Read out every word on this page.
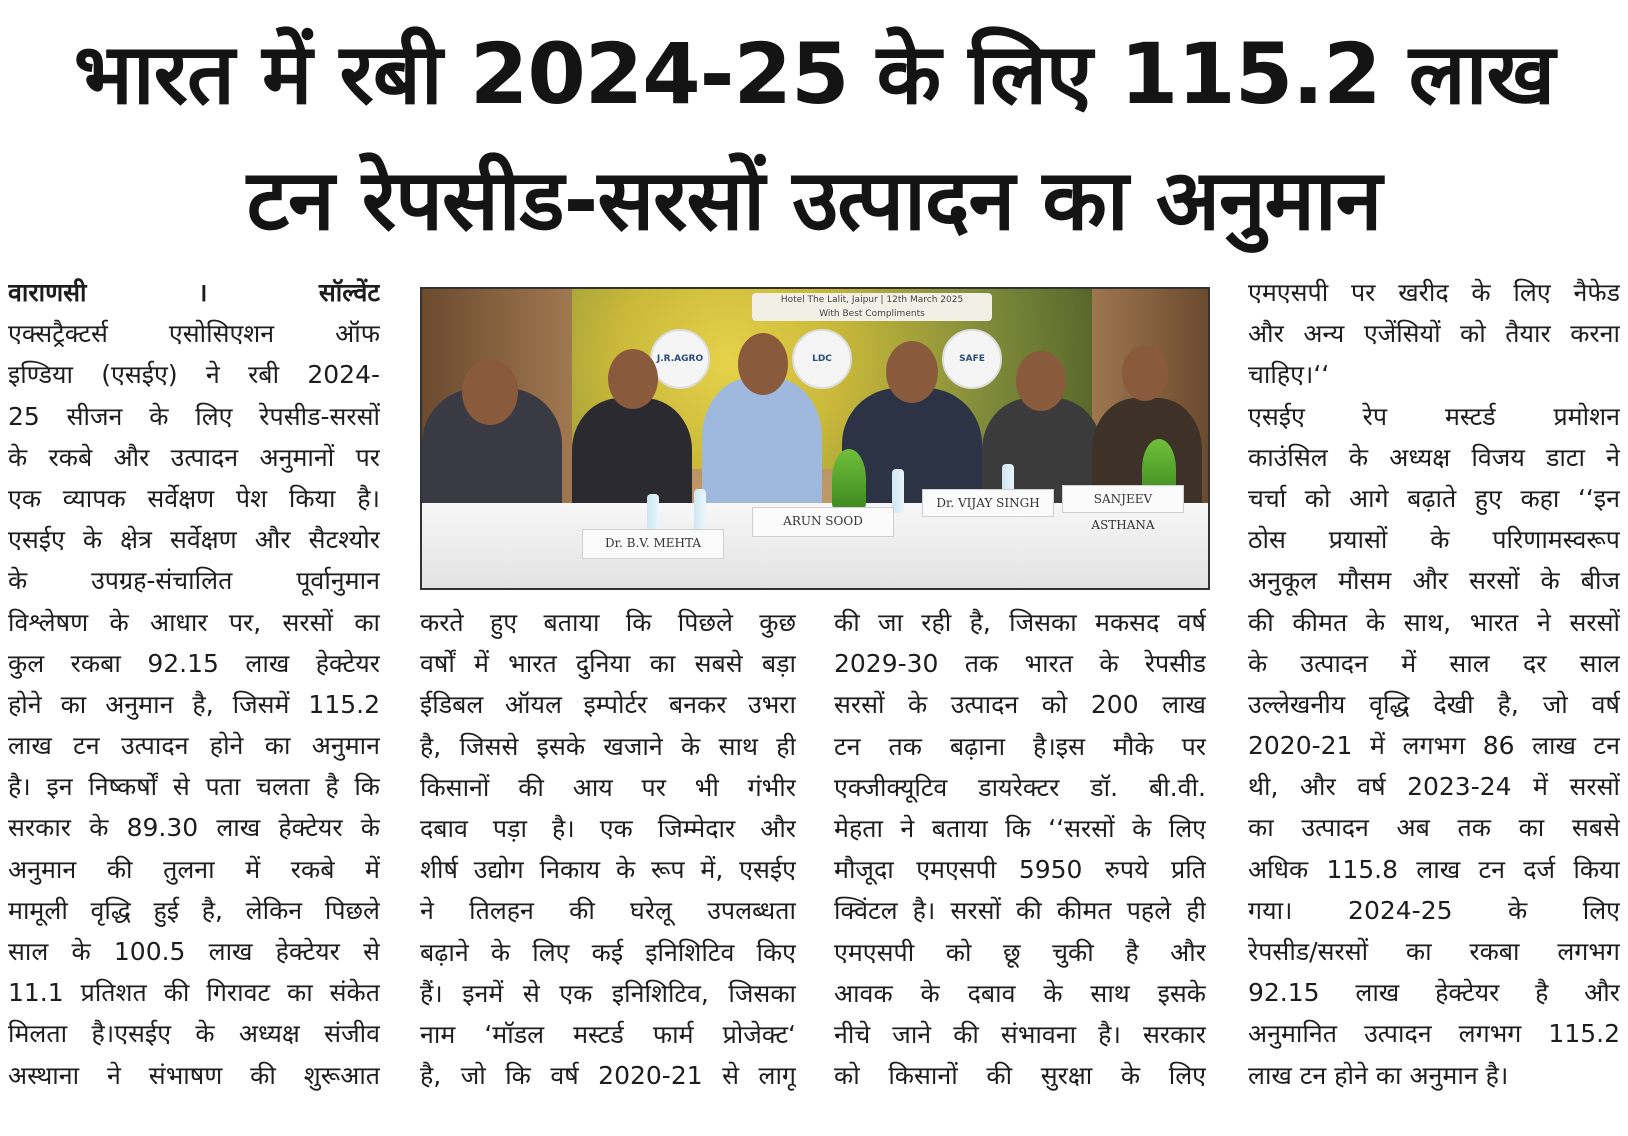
भारत में रबी 2024-25 के लिए 115.2 लाख
टन रेपसीड-सरसों उत्पादन का अनुमान
वाराणसी । सॉल्वेंट
एक्सट्रैक्टर्स एसोसिएशन ऑफ
इण्डिया (एसईए) ने रबी 2024-
25 सीजन के लिए रेपसीड-सरसों
के रकबे और उत्पादन अनुमानों पर
एक व्यापक सर्वेक्षण पेश किया है।
एसईए के क्षेत्र सर्वेक्षण और सैटश्योर
के उपग्रह-संचालित पूर्वानुमान
विश्लेषण के आधार पर, सरसों का
कुल रकबा 92.15 लाख हेक्टेयर
होने का अनुमान है, जिसमें 115.2
लाख टन उत्पादन होने का अनुमान
है। इन निष्कर्षों से पता चलता है कि
सरकार के 89.30 लाख हेक्टेयर के
अनुमान की तुलना में रकबे में
मामूली वृद्धि हुई है, लेकिन पिछले
साल के 100.5 लाख हेक्टेयर से
11.1 प्रतिशत की गिरावट का संकेत
मिलता है।एसईए के अध्यक्ष संजीव
अस्थाना ने संभाषण की शुरूआत
Hotel The Lalit, Jaipur | 12th March 2025
With Best Compliments
J.R.AGRO	LDC	SAFE
Dr. B.V. MEHTA
ARUN SOOD
Dr. VIJAY SINGH	SANJEEV ASTHANA
करते हुए बताया कि पिछले कुछ
वर्षों में भारत दुनिया का सबसे बड़ा
ईडिबल ऑयल इम्पोर्टर बनकर उभरा
है, जिससे इसके खजाने के साथ ही
किसानों की आय पर भी गंभीर
दबाव पड़ा है। एक जिम्मेदार और
शीर्ष उद्योग निकाय के रूप में, एसईए
ने तिलहन की घरेलू उपलब्धता
बढ़ाने के लिए कई इनिशिटिव किए
हैं। इनमें से एक इनिशिटिव, जिसका
नाम ‘मॉडल मस्टर्ड फार्म प्रोजेक्ट‘
है, जो कि वर्ष 2020-21 से लागू
की जा रही है, जिसका मकसद वर्ष
2029-30 तक भारत के रेपसीड
सरसों के उत्पादन को 200 लाख
टन तक बढ़ाना है।इस मौके पर
एक्जीक्यूटिव डायरेक्टर डॉ. बी.वी.
मेहता ने बताया कि ‘‘सरसों के लिए
मौजूदा एमएसपी 5950 रुपये प्रति
क्विंटल है। सरसों की कीमत पहले ही
एमएसपी को छू चुकी है और
आवक के दबाव के साथ इसके
नीचे जाने की संभावना है। सरकार
को किसानों की सुरक्षा के लिए
एमएसपी पर खरीद के लिए नैफेड
और अन्य एजेंसियों को तैयार करना
चाहिए।‘‘
एसईए रेप मस्टर्ड प्रमोशन
काउंसिल के अध्यक्ष विजय डाटा ने
चर्चा को आगे बढ़ाते हुए कहा ‘‘इन
ठोस प्रयासों के परिणामस्वरूप
अनुकूल मौसम और सरसों के बीज
की कीमत के साथ, भारत ने सरसों
के उत्पादन में साल दर साल
उल्लेखनीय वृद्धि देखी है, जो वर्ष
2020-21 में लगभग 86 लाख टन
थी, और वर्ष 2023-24 में सरसों
का उत्पादन अब तक का सबसे
अधिक 115.8 लाख टन दर्ज किया
गया। 2024-25 के लिए
रेपसीड/सरसों का रकबा लगभग
92.15 लाख हेक्टेयर है और
अनुमानित उत्पादन लगभग 115.2
लाख टन होने का अनुमान है।
